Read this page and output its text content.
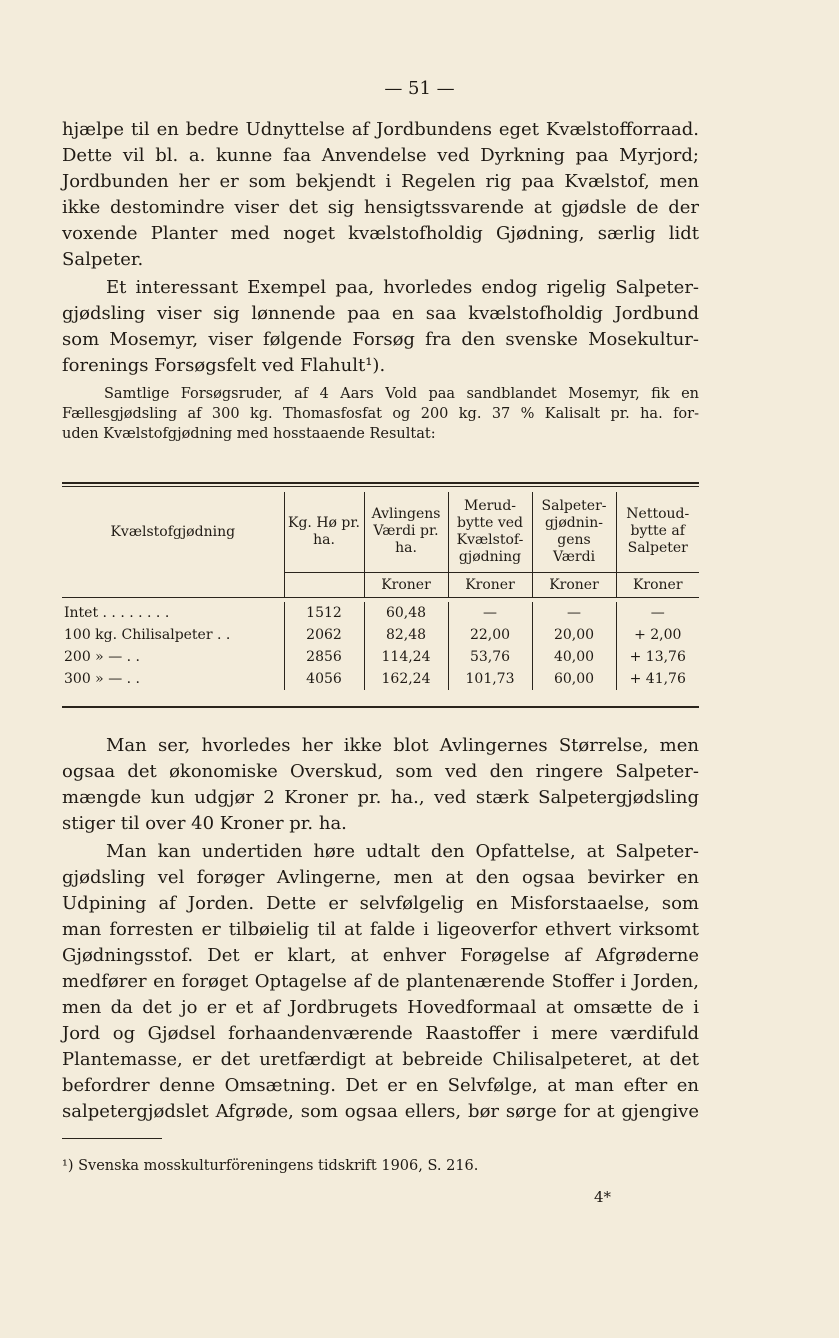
— 51 —
hjælpe til en bedre Udnyttelse af Jordbundens eget Kvælstofforraad.
Dette vil bl. a. kunne faa Anvendelse ved Dyrkning paa Myrjord;
Jordbunden her er som bekjendt i Regelen rig paa Kvælstof, men
ikke destomindre viser det sig hensigtssvarende at gjødsle de der
voxende Planter med noget kvælstofholdig Gjødning, særlig lidt
Salpeter.
Et interessant Exempel paa, hvorledes endog rigelig Salpeter-
gjødsling viser sig lønnende paa en saa kvælstofholdig Jordbund
som Mosemyr, viser følgende Forsøg fra den svenske Mosekultur-
forenings Forsøgsfelt ved Flahult¹).
Samtlige Forsøgsruder, af 4 Aars Vold paa sandblandet Mosemyr, fik en
Fællesgjødsling af 300 kg. Thomasfosfat og 200 kg. 37 % Kalisalt pr. ha. for-
uden Kvælstofgjødning med hosstaaende Resultat:
Kvælstofgjødning	Kg. Hø pr. ha.	Avlingens Værdi pr. ha.	Merud- bytte ved Kvælstof- gjødning	Salpeter- gjødnin- gens Værdi	Nettoud- bytte af Salpeter
		Kroner	Kroner	Kroner	Kroner

Intet . . . . . . . .	1512	60,48	—	—	—
100 kg. Chilisalpeter . .	2062	82,48	22,00	20,00	+ 2,00
200 » — . .	2856	114,24	53,76	40,00	+ 13,76
300 » — . .	4056	162,24	101,73	60,00	+ 41,76
Man ser, hvorledes her ikke blot Avlingernes Størrelse, men
ogsaa det økonomiske Overskud, som ved den ringere Salpeter-
mængde kun udgjør 2 Kroner pr. ha., ved stærk Salpetergjødsling
stiger til over 40 Kroner pr. ha.
Man kan undertiden høre udtalt den Opfattelse, at Salpeter-
gjødsling vel forøger Avlingerne, men at den ogsaa bevirker en
Udpining af Jorden. Dette er selvfølgelig en Misforstaaelse, som
man forresten er tilbøielig til at falde i ligeoverfor ethvert virksomt
Gjødningsstof. Det er klart, at enhver Forøgelse af Afgrøderne
medfører en forøget Optagelse af de plantenærende Stoffer i Jorden,
men da det jo er et af Jordbrugets Hovedformaal at omsætte de i
Jord og Gjødsel forhaandenværende Raastoffer i mere værdifuld
Plantemasse, er det uretfærdigt at bebreide Chilisalpeteret, at det
befordrer denne Omsætning. Det er en Selvfølge, at man efter en
salpetergjødslet Afgrøde, som ogsaa ellers, bør sørge for at gjengive
¹) Svenska mosskulturföreningens tidskrift 1906, S. 216.
4*
